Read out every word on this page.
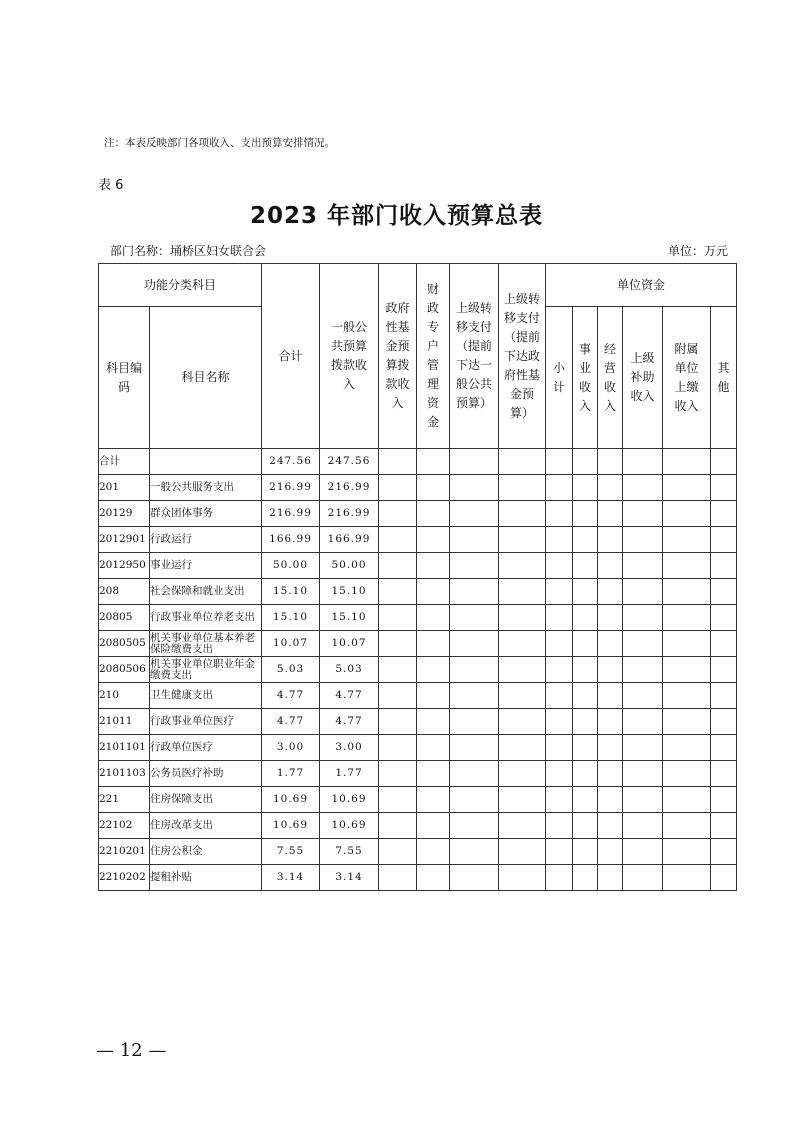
注：本表反映部门各项收入、支出预算安排情况。
表 6
2023 年部门收入预算总表
部门名称：埇桥区妇女联合会	单位：万元
功能分类科目		合计	一般公共预算拨款收入	政府性基金预算拨款收入	财政专户管理资金	上级转移支付（提前下达一般公共预算）	上级转移支付（提前下达政府性基金预算）	单位资金					
科目编码	科目名称							小计	事业收入	经营收入	上级补助收入	附属单位上缴收入	其他
合计		247.56	247.56										
201	一般公共服务支出	216.99	216.99										
20129	群众团体事务	216.99	216.99										
2012901	行政运行	166.99	166.99										
2012950	事业运行	50.00	50.00										
208	社会保障和就业支出	15.10	15.10										
20805	行政事业单位养老支出	15.10	15.10										
2080505	机关事业单位基本养老保险缴费支出	10.07	10.07										
2080506	机关事业单位职业年金缴费支出	5.03	5.03										
210	卫生健康支出	4.77	4.77										
21011	行政事业单位医疗	4.77	4.77										
2101101	行政单位医疗	3.00	3.00										
2101103	公务员医疗补助	1.77	1.77										
221	住房保障支出	10.69	10.69										
22102	住房改革支出	10.69	10.69										
2210201	住房公积金	7.55	7.55										
2210202	提租补贴	3.14	3.14										
— 12 —
